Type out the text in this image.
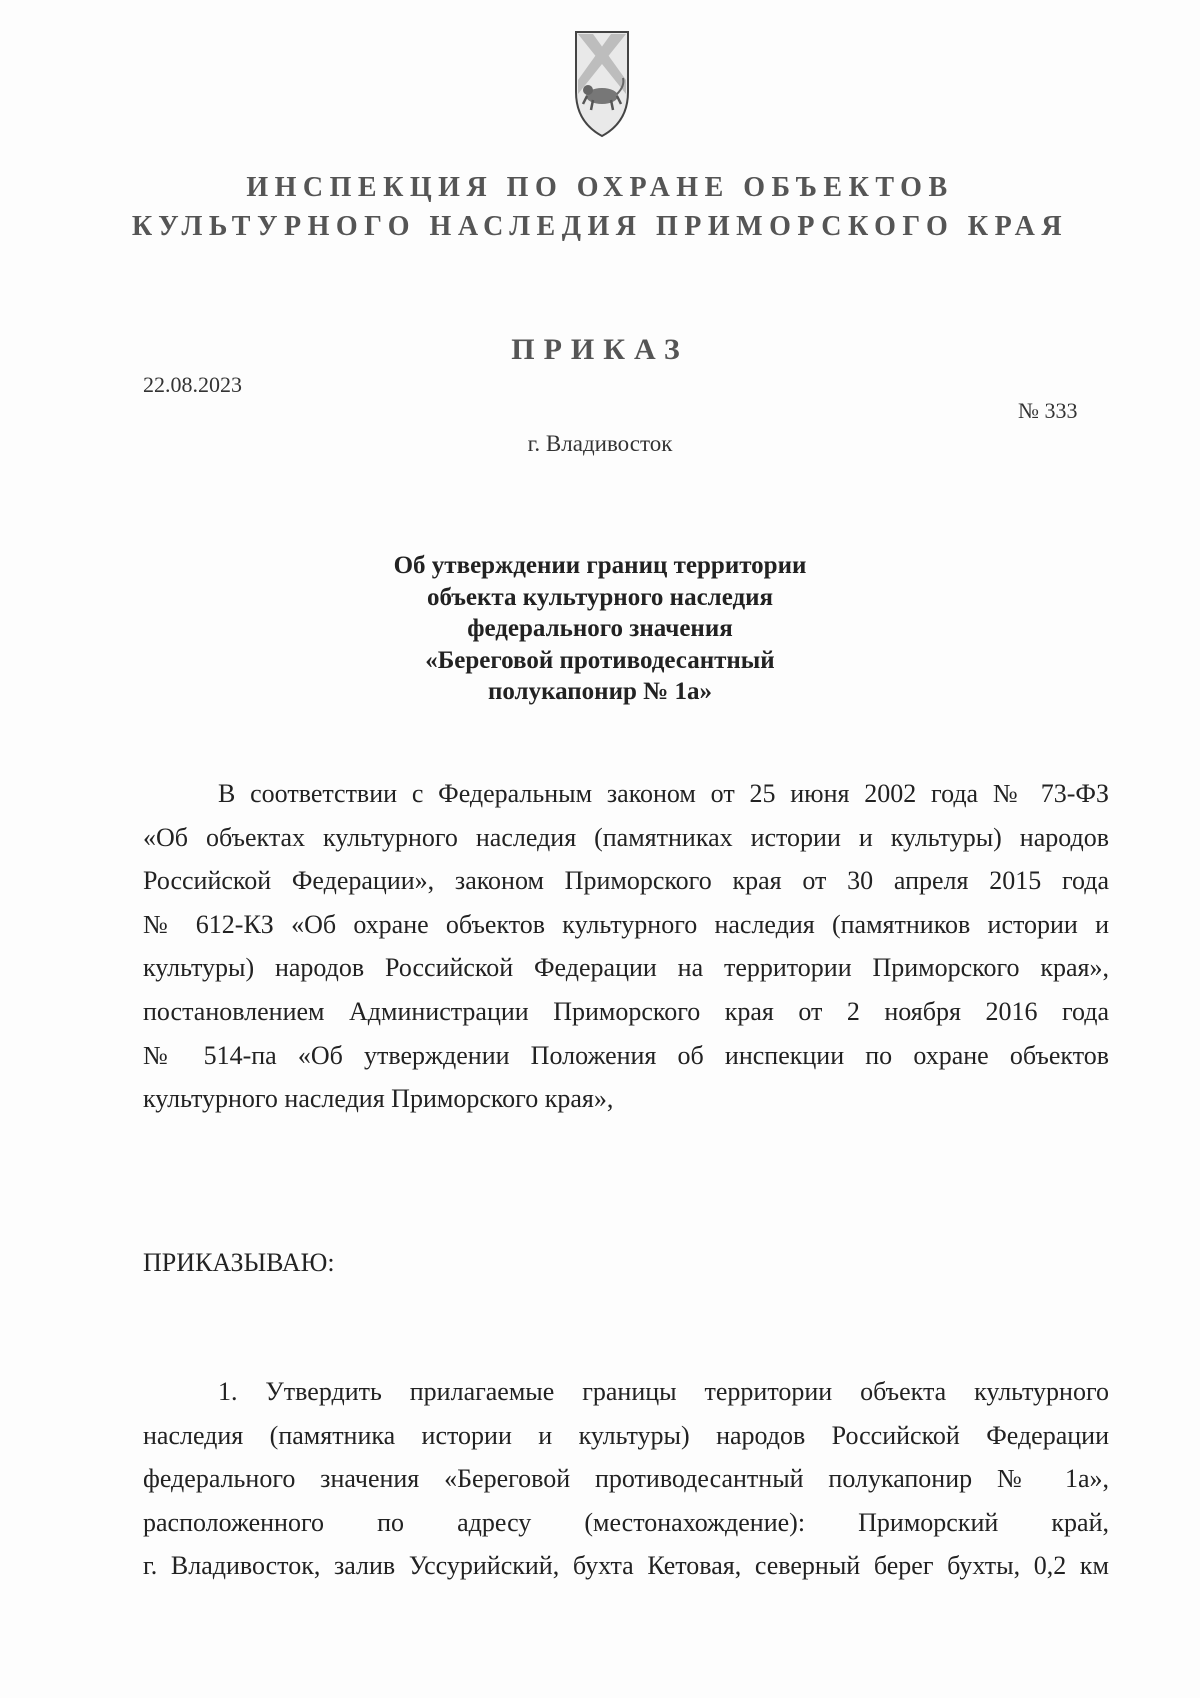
ИНСПЕКЦИЯ ПО ОХРАНЕ ОБЪЕКТОВ
КУЛЬТУРНОГО НАСЛЕДИЯ ПРИМОРСКОГО КРАЯ
ПРИКАЗ
22.08.2023
№ 333
г. Владивосток
Об утверждении границ территории
объекта культурного наследия
федерального значения
«Береговой противодесантный
полукапонир № 1а»
В соответствии с Федеральным законом от 25 июня 2002 года № 73-ФЗ
«Об объектах культурного наследия (памятниках истории и культуры) народов
Российской Федерации», законом Приморского края от 30 апреля 2015 года
№ 612-КЗ «Об охране объектов культурного наследия (памятников истории и
культуры) народов Российской Федерации на территории Приморского края»,
постановлением Администрации Приморского края от 2 ноября 2016 года
№ 514-па «Об утверждении Положения об инспекции по охране объектов
культурного наследия Приморского края»,
ПРИКАЗЫВАЮ:
1. Утвердить прилагаемые границы территории объекта культурного
наследия (памятника истории и культуры) народов Российской Федерации
федерального значения «Береговой противодесантный полукапонир № 1а»,
расположенного по адресу (местонахождение): Приморский край,
г. Владивосток, залив Уссурийский, бухта Кетовая, северный берег бухты, 0,2 км
